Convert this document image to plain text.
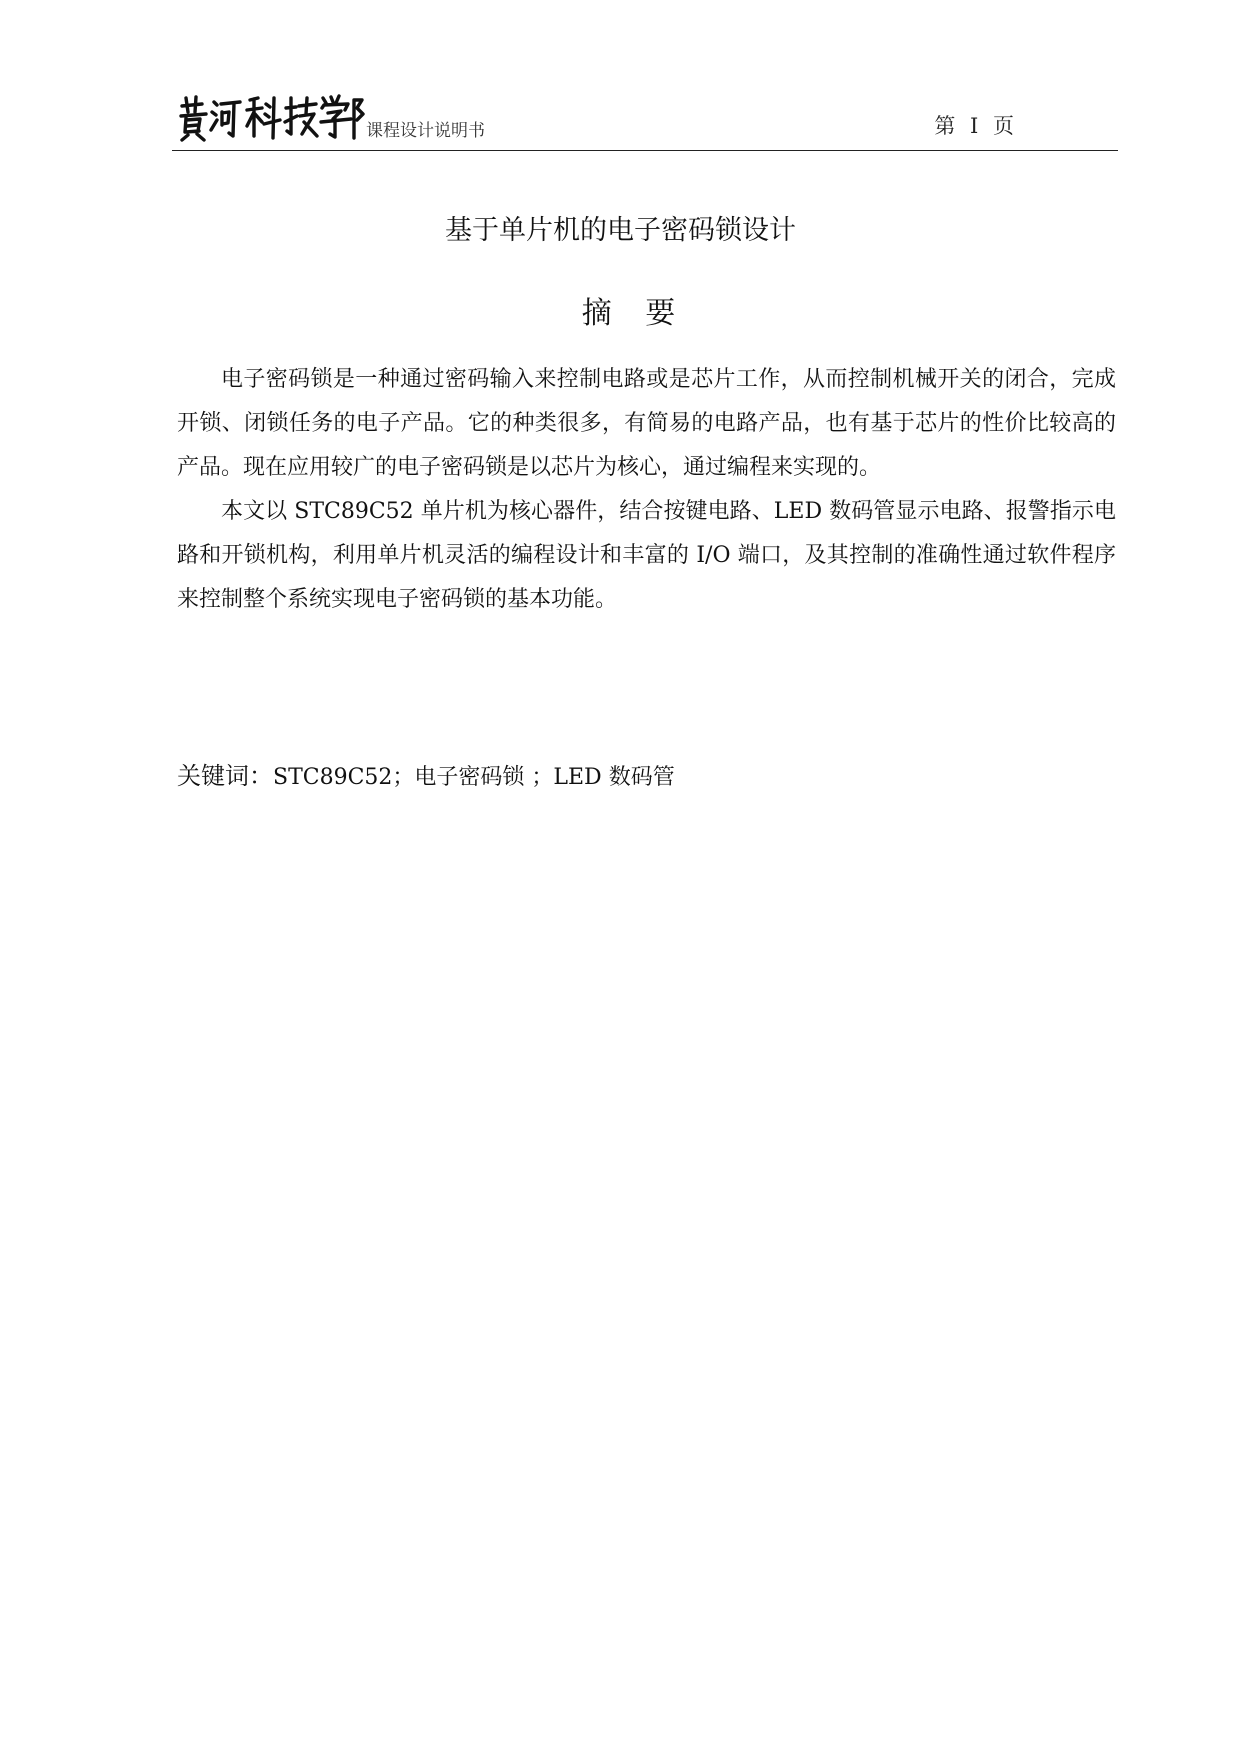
课程设计说明书	第 I 页
基于单片机的电子密码锁设计
摘 要

电子密码锁是一种通过密码输入来控制电路或是芯片工作，从而控制机械开关的闭合，完成开锁、闭锁任务的电子产品。它的种类很多，有简易的电路产品，也有基于芯片的性价比较高的产品。现在应用较广的电子密码锁是以芯片为核心，通过编程来实现的。

本文以 STC89C52 单片机为核心器件，结合按键电路、LED 数码管显示电路、报警指示电路和开锁机构，利用单片机灵活的编程设计和丰富的 I/O 端口，及其控制的准确性通过软件程序来控制整个系统实现电子密码锁的基本功能。

关键词：STC89C52；电子密码锁 ；LED 数码管
